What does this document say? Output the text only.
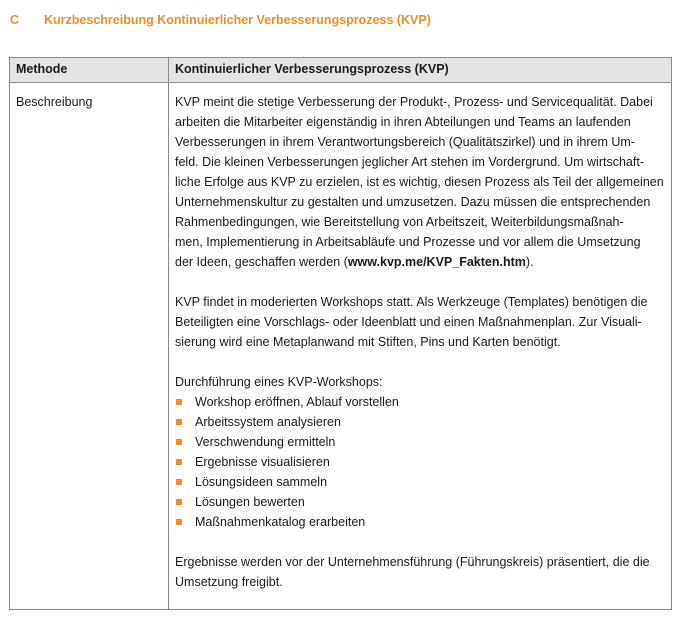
C	Kurzbeschreibung Kontinuierlicher Verbesserungsprozess (KVP)
Methode	Kontinuierlicher Verbesserungsprozess (KVP)
Beschreibung	KVP meint die stetige Verbesserung der Produkt-, Prozess- und Servicequalität. Dabei
arbeiten die Mitarbeiter eigenständig in ihren Abteilungen und Teams an laufenden
Verbesserungen in ihrem Verantwortungsbereich (Qualitätszirkel) und in ihrem Um-
feld. Die kleinen Verbesserungen jeglicher Art stehen im Vordergrund. Um wirtschaft-
liche Erfolge aus KVP zu erzielen, ist es wichtig, diesen Prozess als Teil der allgemeinen
Unternehmenskultur zu gestalten und umzusetzen. Dazu müssen die entsprechenden
Rahmenbedingungen, wie Bereitstellung von Arbeitszeit, Weiterbildungsmaßnah-
men, Implementierung in Arbeitsabläufe und Prozesse und vor allem die Umsetzung
der Ideen, geschaffen werden (www.kvp.me/KVP_Fakten.htm).
KVP findet in moderierten Workshops statt. Als Werkzeuge (Templates) benötigen die
Beteiligten eine Vorschlags- oder Ideenblatt und einen Maßnahmenplan. Zur Visuali-
sierung wird eine Metaplanwand mit Stiften, Pins und Karten benötigt.
Durchführung eines KVP-Workshops:
Workshop eröffnen, Ablauf vorstellen
Arbeitssystem analysieren
Verschwendung ermitteln
Ergebnisse visualisieren
Lösungsideen sammeln
Lösungen bewerten
Maßnahmenkatalog erarbeiten
Ergebnisse werden vor der Unternehmensführung (Führungskreis) präsentiert, die die
Umsetzung freigibt.
